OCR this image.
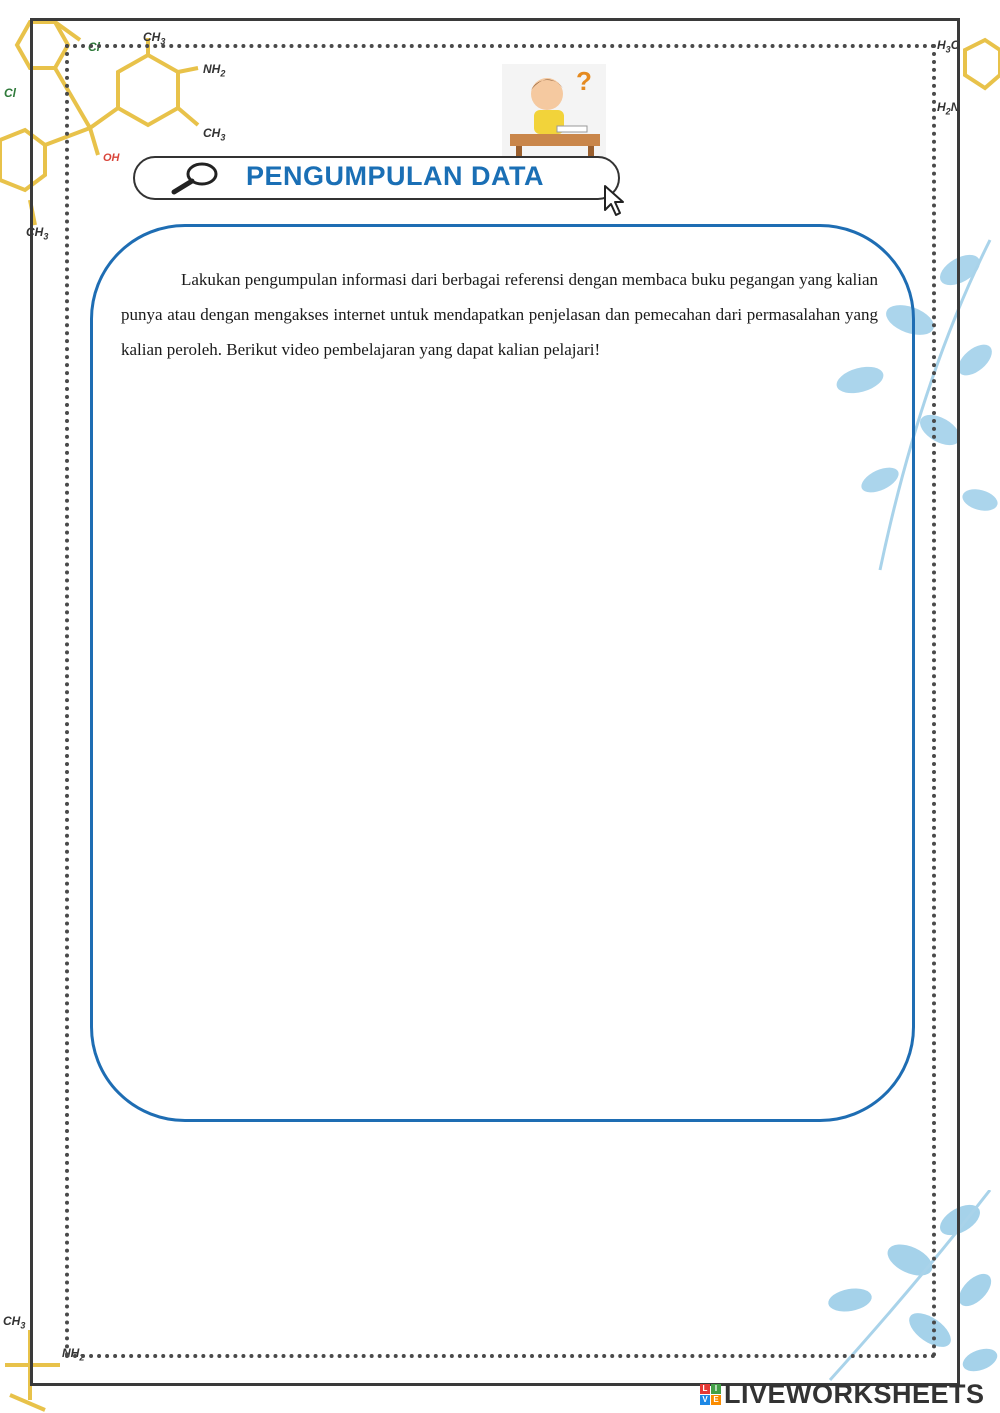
$CH_3$
Cl
$NH_2$
Cl
$CH_3$
OH
$CH_3$
$H_3C$
$H_2N$
$CH_3$
$NH_2$
?
PENGUMPULAN DATA

Lakukan pengumpulan informasi dari berbagai referensi dengan membaca buku pegangan yang kalian punya atau dengan mengakses internet untuk mendapatkan penjelasan dan pemecahan dari permasalahan yang kalian peroleh. Berikut video pembelajaran yang dapat kalian pelajari!

L I
V E LIVEWORKSHEETS
